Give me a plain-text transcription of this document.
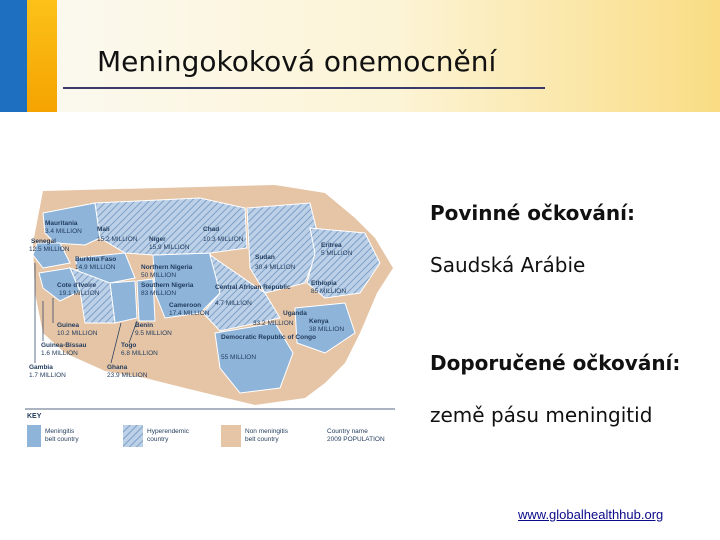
Meningokoková onemocnění
Mauritania
3.4 MILLION Mali
15.2 MILLION
Chad
10.3 MILLION
Niger
15.9 MILLION
Senegal
12.5 MILLION
Burkina Faso
14.9 MILLION
Sudan
30.4 MILLION
Eritrea
5 MILLION
Northern Nigeria
50 MILLION
Cote d'Ivoire
19.1 MILLION
Southern Nigeria
83 MILLION
Central African Republic
4.7 MILLION
Ethiopia
85 MILLION
Cameroon
17.4 MILLION	Uganda
33.2 MILLION Kenya
38 MILLION
Guinea
10.2 MILLION
Benin
9.5 MILLION
Democratic Republic of Congo
55 MILLION
Guinea-Bissau
1.6 MILLION
Togo
6.8 MILLION
Gambia
1.7 MILLION
Ghana
23.9 MILLION
KEY
Meningitis
belt country
Hyperendemic
country
Non meningitis
belt country
Country name
2009 POPULATION
Povinné očkování:
Saudská Arábie
Doporučené očkování:
země pásu meningitid
www.globalhealthhub.org
